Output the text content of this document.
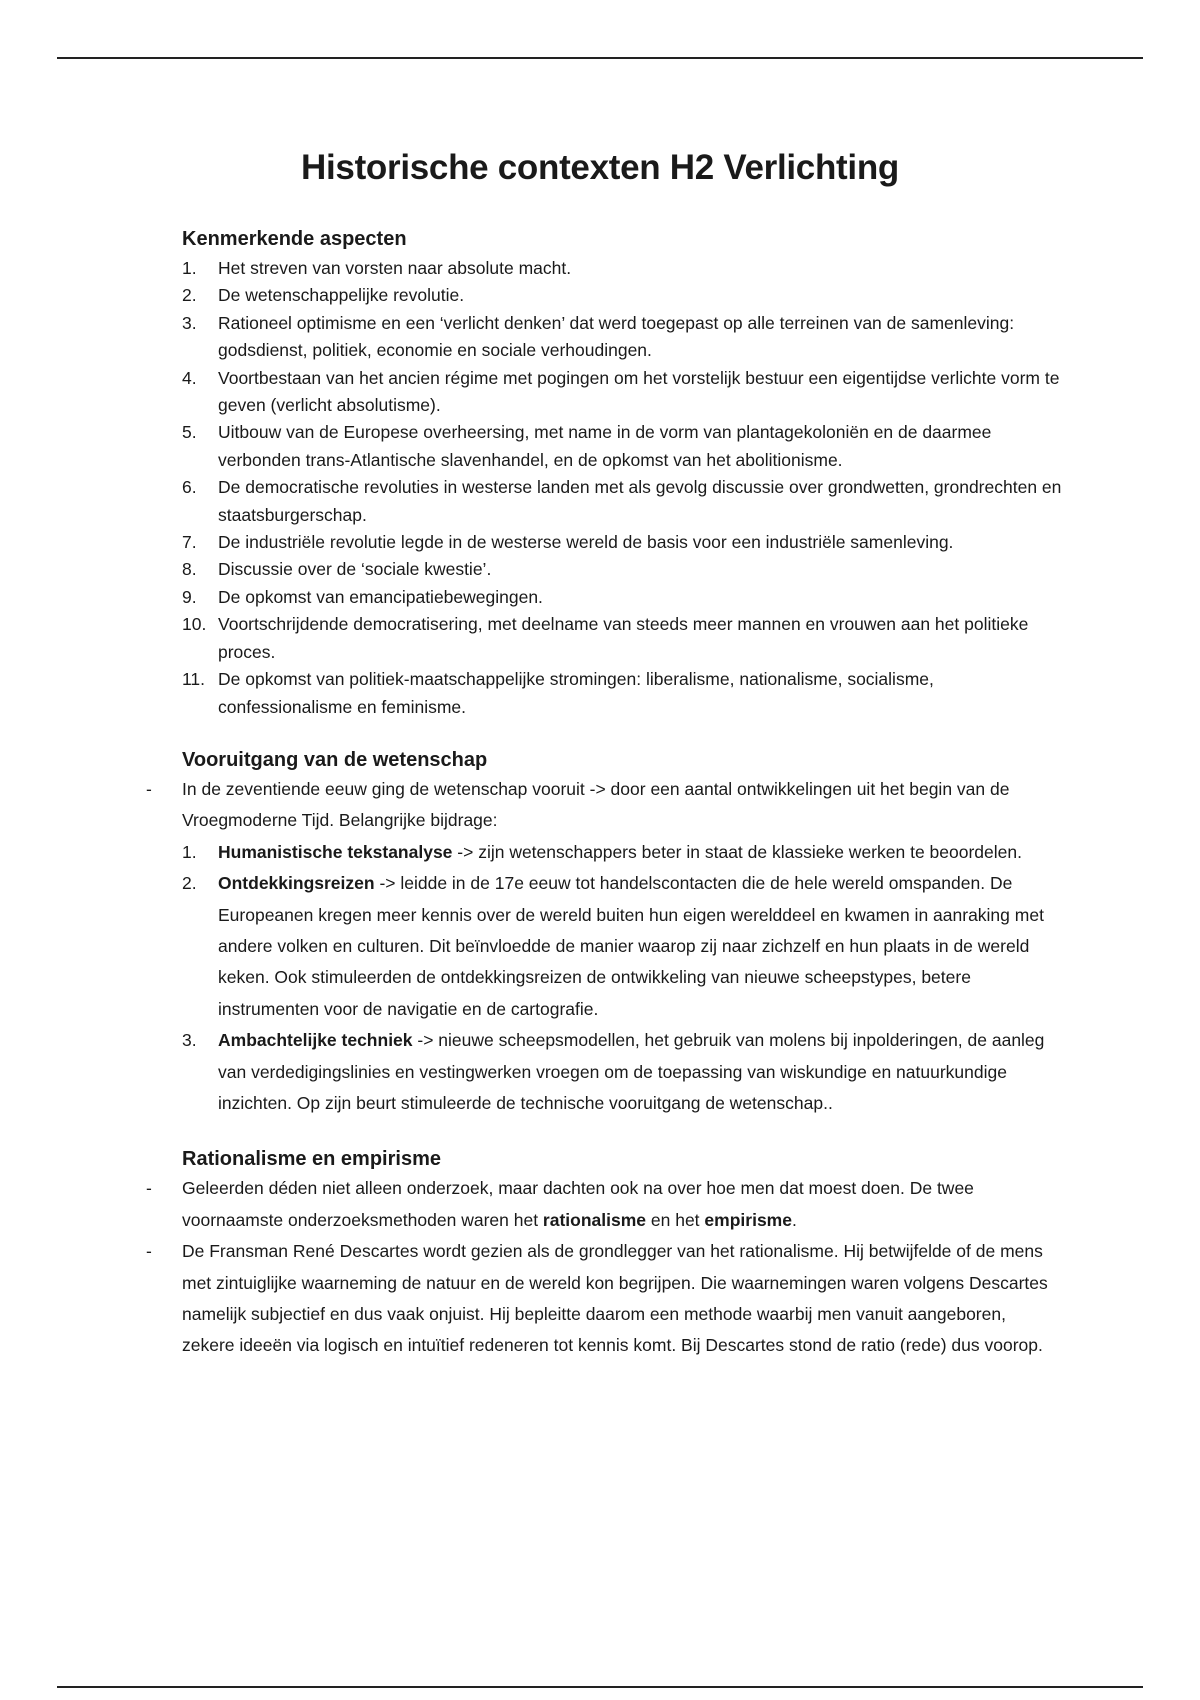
Historische contexten H2 Verlichting
Kenmerkende aspecten
1. Het streven van vorsten naar absolute macht.
2. De wetenschappelijke revolutie.
3. Rationeel optimisme en een ‘verlicht denken’ dat werd toegepast op alle terreinen van de samenleving: godsdienst, politiek, economie en sociale verhoudingen.
4. Voortbestaan van het ancien régime met pogingen om het vorstelijk bestuur een eigentijdse verlichte vorm te geven (verlicht absolutisme).
5. Uitbouw van de Europese overheersing, met name in de vorm van plantagekoloniën en de daarmee verbonden trans-Atlantische slavenhandel, en de opkomst van het abolitionisme.
6. De democratische revoluties in westerse landen met als gevolg discussie over grondwetten, grondrechten en staatsburgerschap.
7. De industriële revolutie legde in de westerse wereld de basis voor een industriële samenleving.
8. Discussie over de ‘sociale kwestie’.
9. De opkomst van emancipatiebewegingen.
10. Voortschrijdende democratisering, met deelname van steeds meer mannen en vrouwen aan het politieke proces.
11. De opkomst van politiek-maatschappelijke stromingen: liberalisme, nationalisme, socialisme, confessionalisme en feminisme.
Vooruitgang van de wetenschap
- In de zeventiende eeuw ging de wetenschap vooruit -> door een aantal ontwikkelingen uit het begin van de Vroegmoderne Tijd. Belangrijke bijdrage:
1. Humanistische tekstanalyse -> zijn wetenschappers beter in staat de klassieke werken te beoordelen.
2. Ontdekkingsreizen -> leidde in de 17e eeuw tot handelscontacten die de hele wereld omspanden. De Europeanen kregen meer kennis over de wereld buiten hun eigen werelddeel en kwamen in aanraking met andere volken en culturen. Dit beïnvloedde de manier waarop zij naar zichzelf en hun plaats in de wereld keken. Ook stimuleerden de ontdekkingsreizen de ontwikkeling van nieuwe scheepstypes, betere instrumenten voor de navigatie en de cartografie.
3. Ambachtelijke techniek -> nieuwe scheepsmodellen, het gebruik van molens bij inpolderingen, de aanleg van verdedigingslinies en vestingwerken vroegen om de toepassing van wiskundige en natuurkundige inzichten. Op zijn beurt stimuleerde de technische vooruitgang de wetenschap..
Rationalisme en empirisme
- Geleerden déden niet alleen onderzoek, maar dachten ook na over hoe men dat moest doen. De twee voornaamste onderzoeksmethoden waren het rationalisme en het empirisme.
- De Fransman René Descartes wordt gezien als de grondlegger van het rationalisme. Hij betwijfelde of de mens met zintuiglijke waarneming de natuur en de wereld kon begrijpen. Die waarnemingen waren volgens Descartes namelijk subjectief en dus vaak onjuist. Hij bepleitte daarom een methode waarbij men vanuit aangeboren, zekere ideeën via logisch en intuïtief redeneren tot kennis komt. Bij Descartes stond de ratio (rede) dus voorop.
